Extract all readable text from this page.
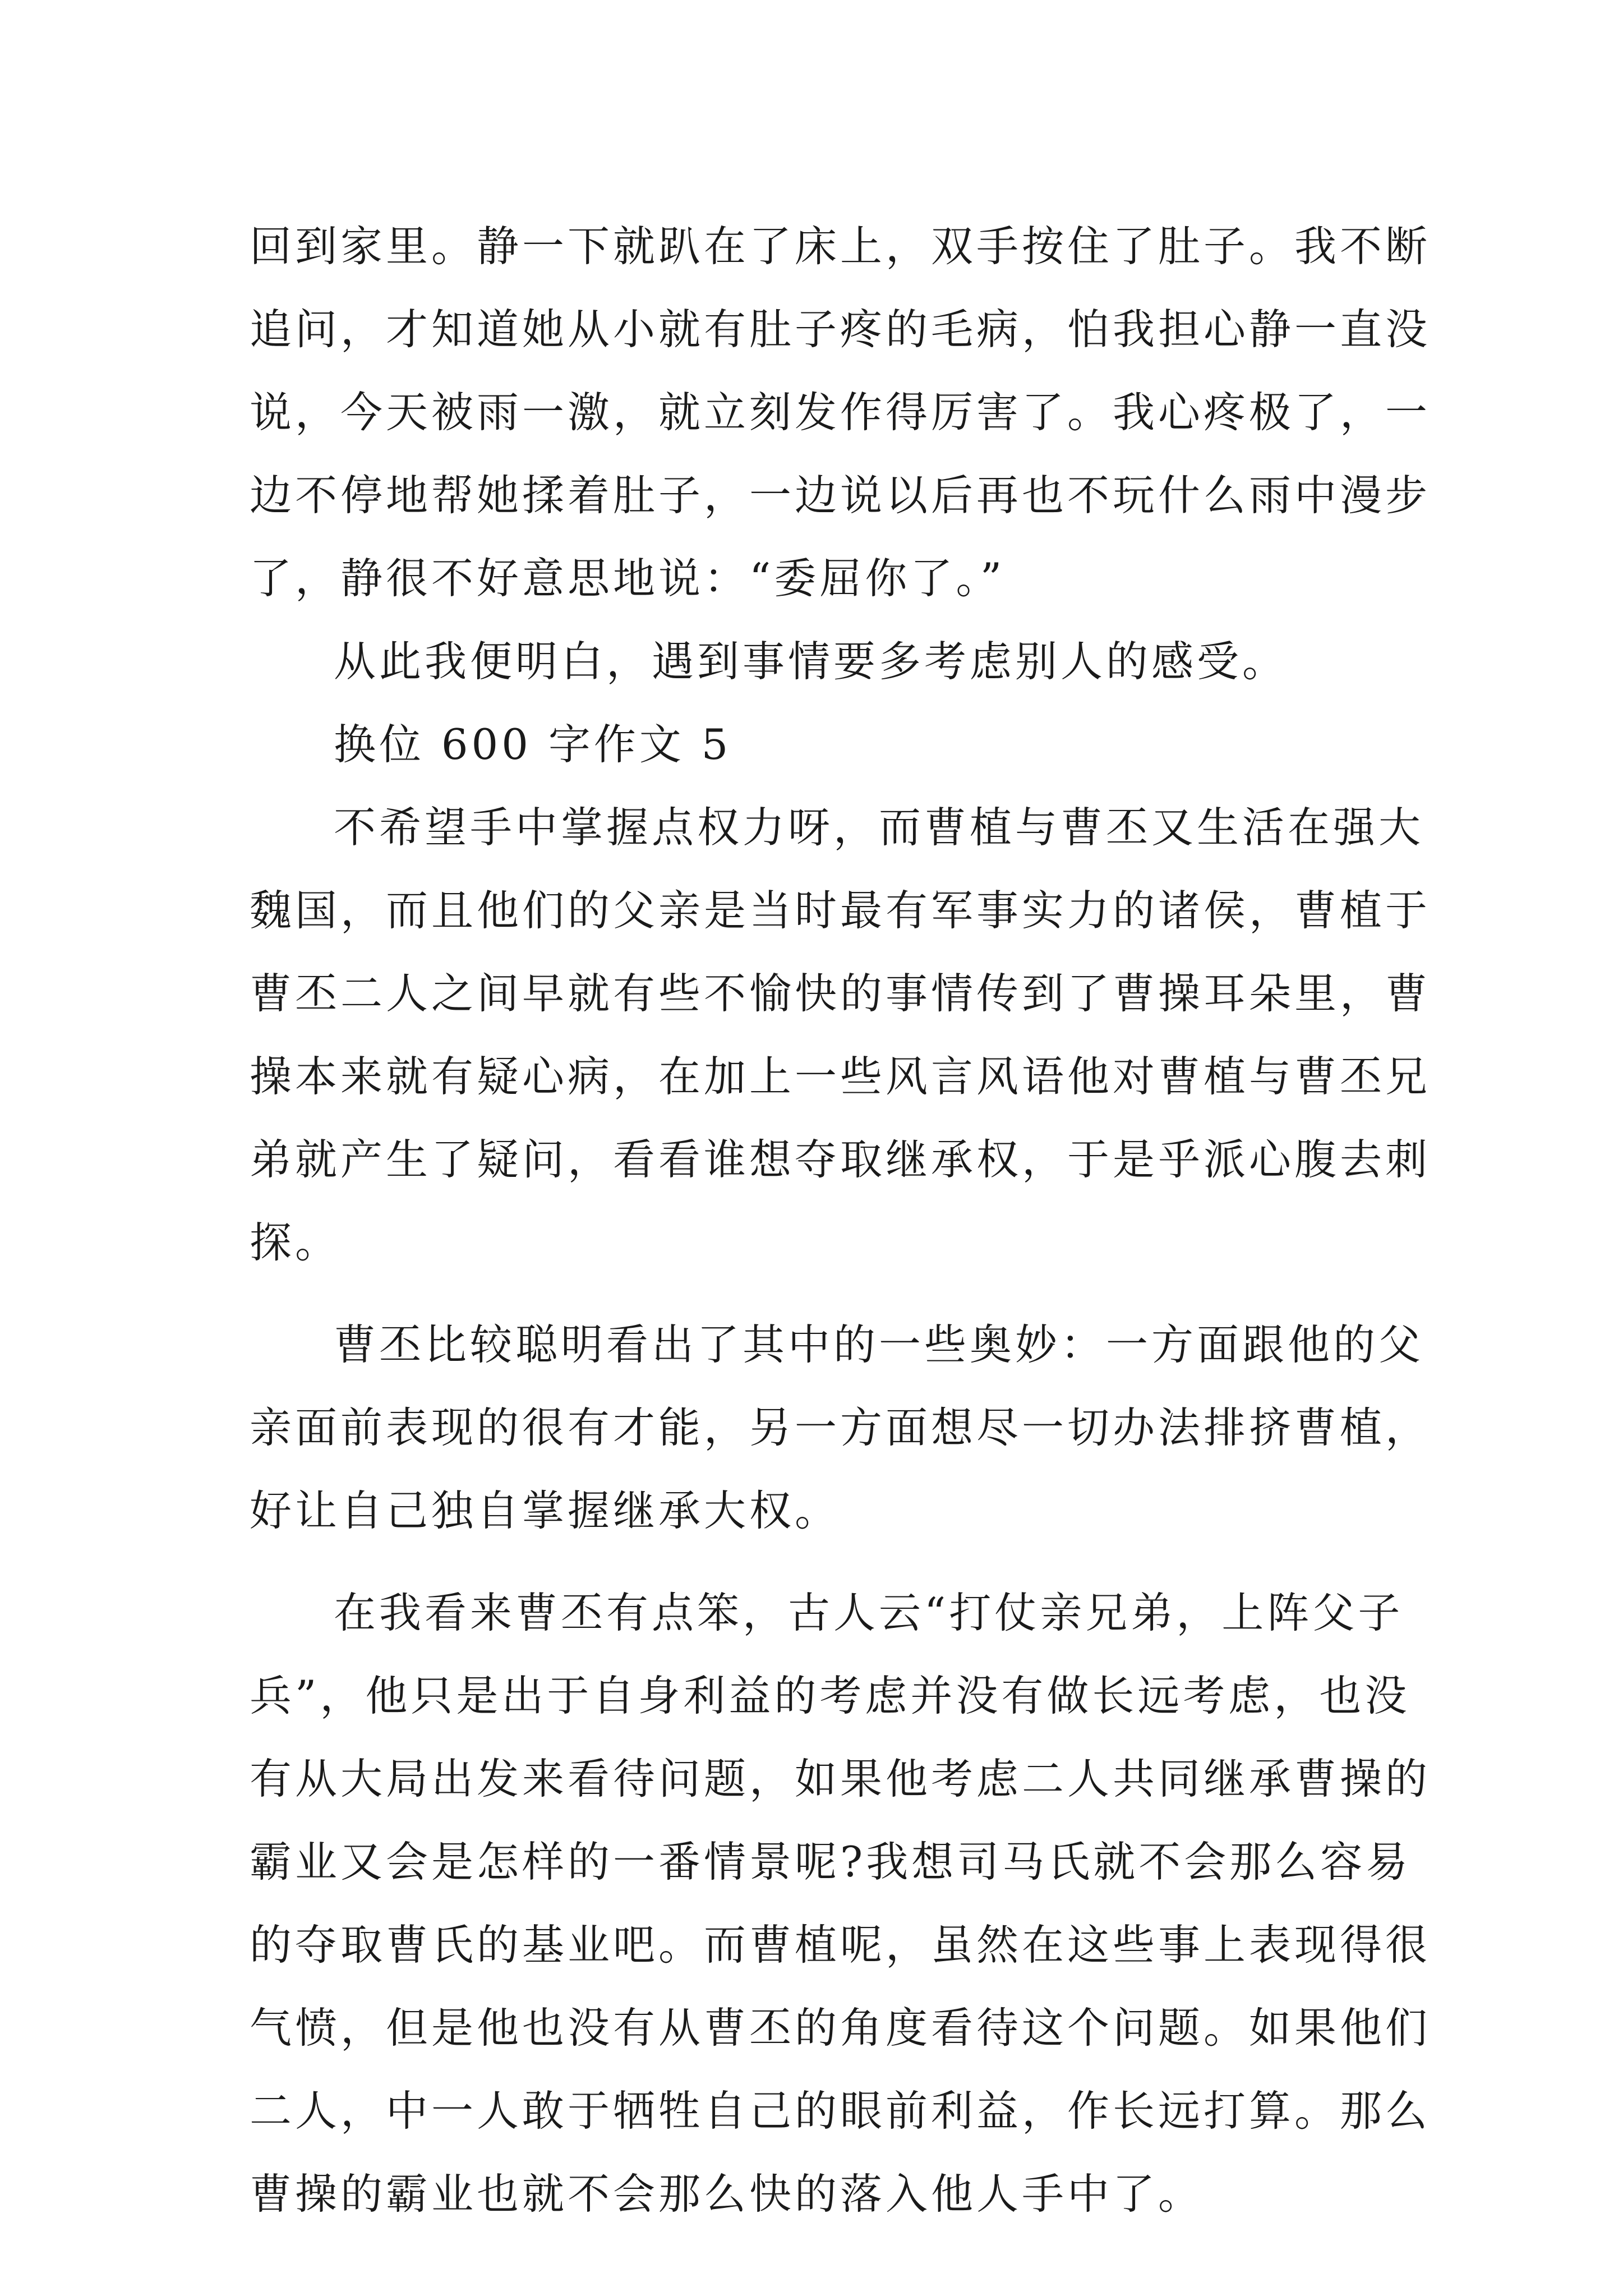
回到家里。静一下就趴在了床上，双手按住了肚子。我不断
追问，才知道她从小就有肚子疼的毛病，怕我担心静一直没
说，今天被雨一激，就立刻发作得厉害了。我心疼极了，一
边不停地帮她揉着肚子，一边说以后再也不玩什么雨中漫步
了，静很不好意思地说：“委屈你了。”
从此我便明白，遇到事情要多考虑别人的感受。
换位 600 字作文 5
不希望手中掌握点权力呀，而曹植与曹丕又生活在强大
魏国，而且他们的父亲是当时最有军事实力的诸侯，曹植于
曹丕二人之间早就有些不愉快的事情传到了曹操耳朵里，曹
操本来就有疑心病，在加上一些风言风语他对曹植与曹丕兄
弟就产生了疑问，看看谁想夺取继承权，于是乎派心腹去刺
探。
曹丕比较聪明看出了其中的一些奥妙：一方面跟他的父
亲面前表现的很有才能，另一方面想尽一切办法排挤曹植，
好让自己独自掌握继承大权。
在我看来曹丕有点笨，古人云“打仗亲兄弟，上阵父子
兵”，他只是出于自身利益的考虑并没有做长远考虑，也没
有从大局出发来看待问题，如果他考虑二人共同继承曹操的
霸业又会是怎样的一番情景呢?我想司马氏就不会那么容易
的夺取曹氏的基业吧。而曹植呢，虽然在这些事上表现得很
气愤，但是他也没有从曹丕的角度看待这个问题。如果他们
二人，中一人敢于牺牲自己的眼前利益，作长远打算。那么
曹操的霸业也就不会那么快的落入他人手中了。
